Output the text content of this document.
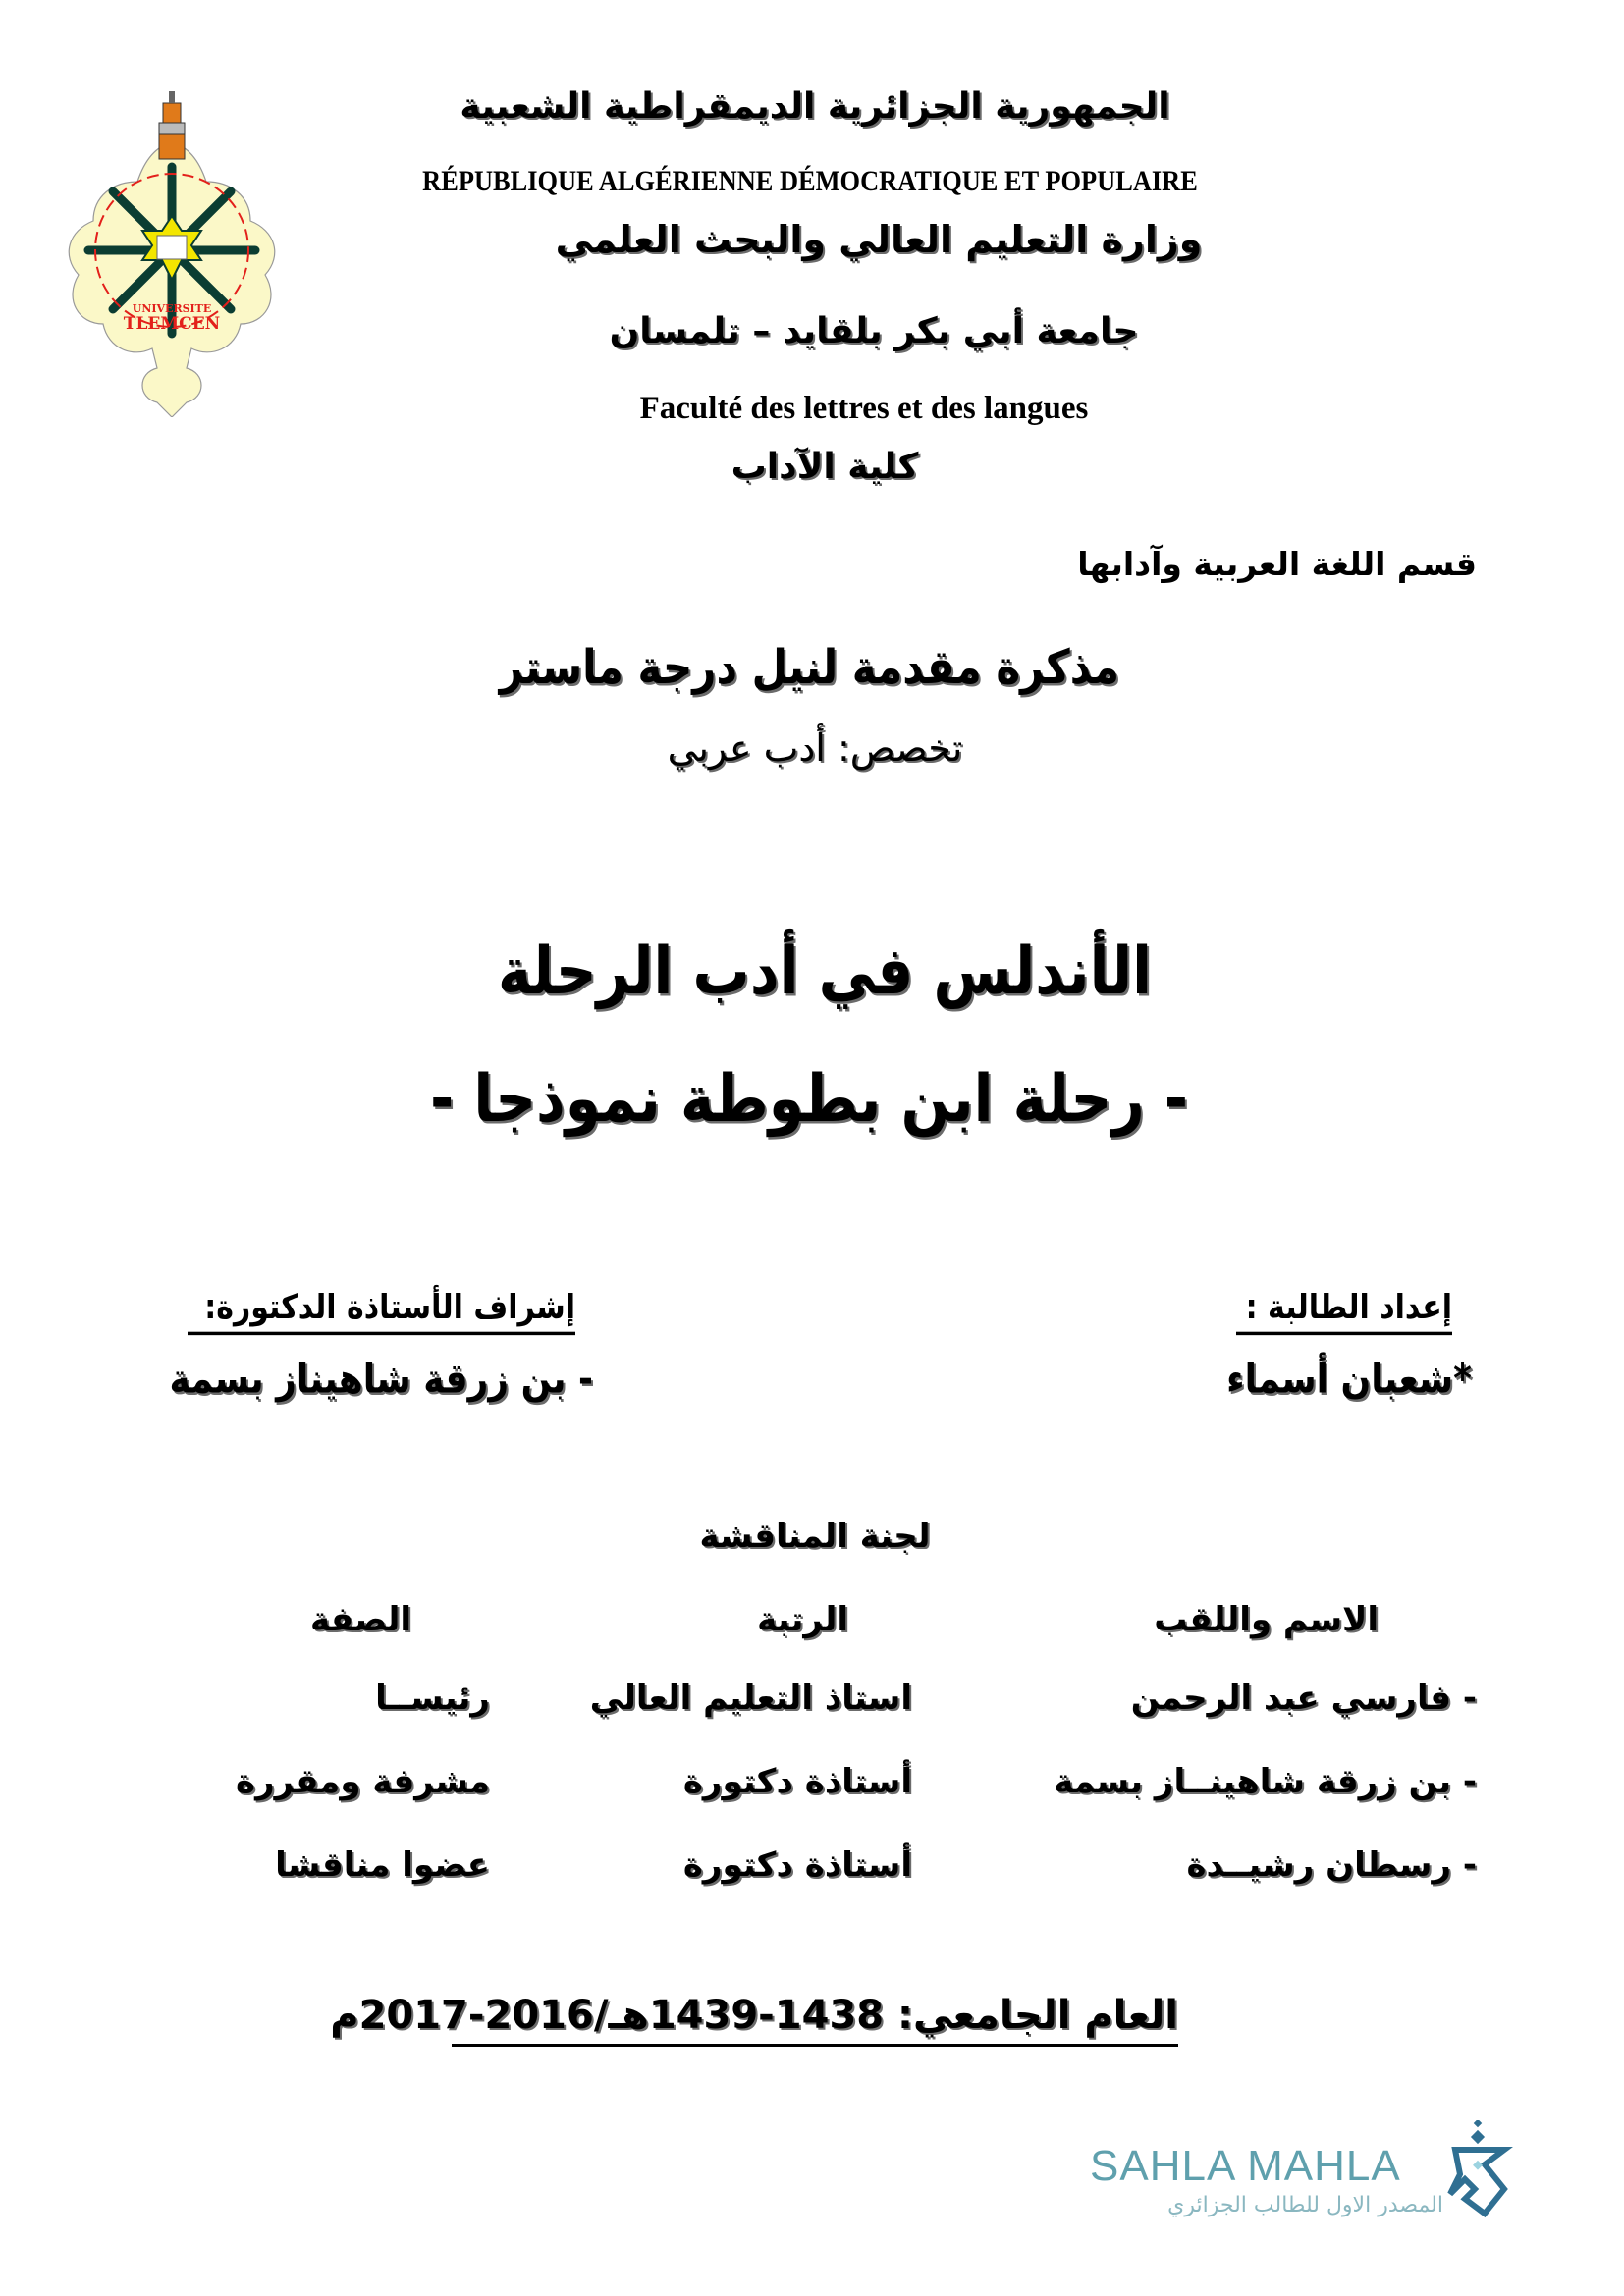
UNIVERSITE
TLEMCEN
الجمهورية الجزائرية الديمقراطية الشعبية
RÉPUBLIQUE ALGÉRIENNE DÉMOCRATIQUE ET POPULAIRE
وزارة التعليم العالي والبحث العلمي
جامعة أبي بكر بلقايد – تلمسان
Faculté des lettres et des langues
كلية الآداب
قسم اللغة العربية وآدابها
مذكرة مقدمة لنيل درجة ماستر
تخصص: أدب عربي
الأندلس في أدب الرحلة
- رحلة ابن بطوطة نموذجا -
إعداد الطالبة :
*شعبان أسماء
إشراف الأستاذة الدكتورة:
- بن زرقة شاهيناز بسمة
لجنة المناقشة
الاسم واللقب
الرتبة
الصفة
- فارسي عبد الرحمن
استاذ التعليم العالي
رئيســا
- بن زرقة شاهينــاز بسمة
أستاذة دكتورة
مشرفة ومقررة
- رسطان رشيــدة
أستاذة دكتورة
عضوا مناقشا
العام الجامعي: 1438-1439هـ/2016-2017م
SAHLA MAHLA
المصدر الاول للطالب الجزائري
